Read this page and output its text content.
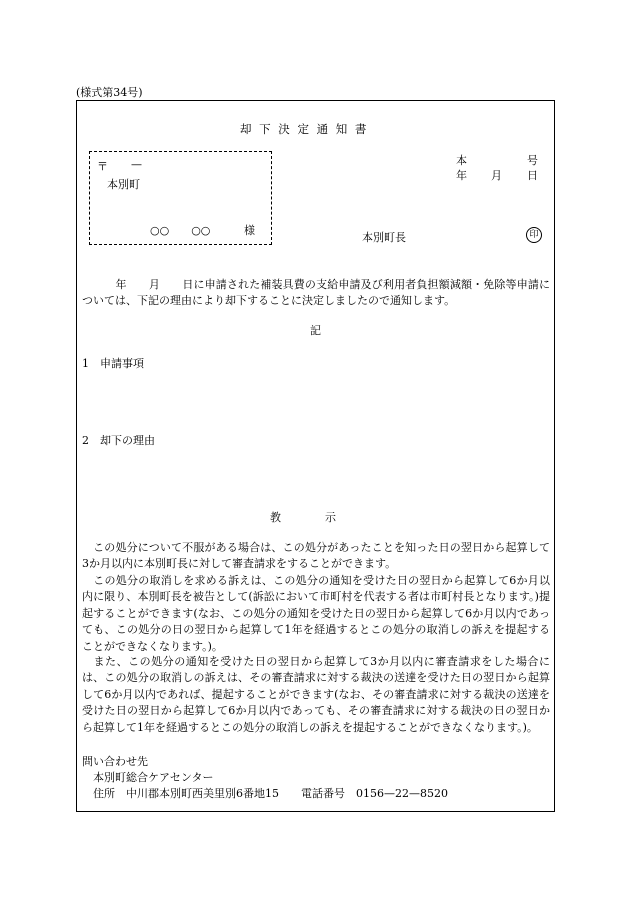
(様式第34号)
却 下 決 定 通 知 書
〒 —
本別町
○○　　○○	様
本	号
年 月 日
本別町長	印
　　　年　　月　　日に申請された補装具費の支給申請及び利用者負担額減額・免除等申請については、下記の理由により却下することに決定しましたので通知します。
記
1　申請事項
2　却下の理由
教　　　　示
　この処分について不服がある場合は、この処分があったことを知った日の翌日から起算して3か月以内に本別町長に対して審査請求をすることができます。
　この処分の取消しを求める訴えは、この処分の通知を受けた日の翌日から起算して6か月以内に限り、本別町長を被告として(訴訟において市町村を代表する者は市町村長となります。)提起することができます(なお、この処分の通知を受けた日の翌日から起算して6か月以内であっても、この処分の日の翌日から起算して1年を経過するとこの処分の取消しの訴えを提起することができなくなります。)。
　また、この処分の通知を受けた日の翌日から起算して3か月以内に審査請求をした場合には、この処分の取消しの訴えは、その審査請求に対する裁決の送達を受けた日の翌日から起算して6か月以内であれば、提起することができます(なお、その審査請求に対する裁決の送達を受けた日の翌日から起算して6か月以内であっても、その審査請求に対する裁決の日の翌日から起算して1年を経過するとこの処分の取消しの訴えを提起することができなくなります。)。
問い合わせ先
　本別町総合ケアセンター
　住所　中川郡本別町西美里別6番地15　　電話番号　0156—22—8520
